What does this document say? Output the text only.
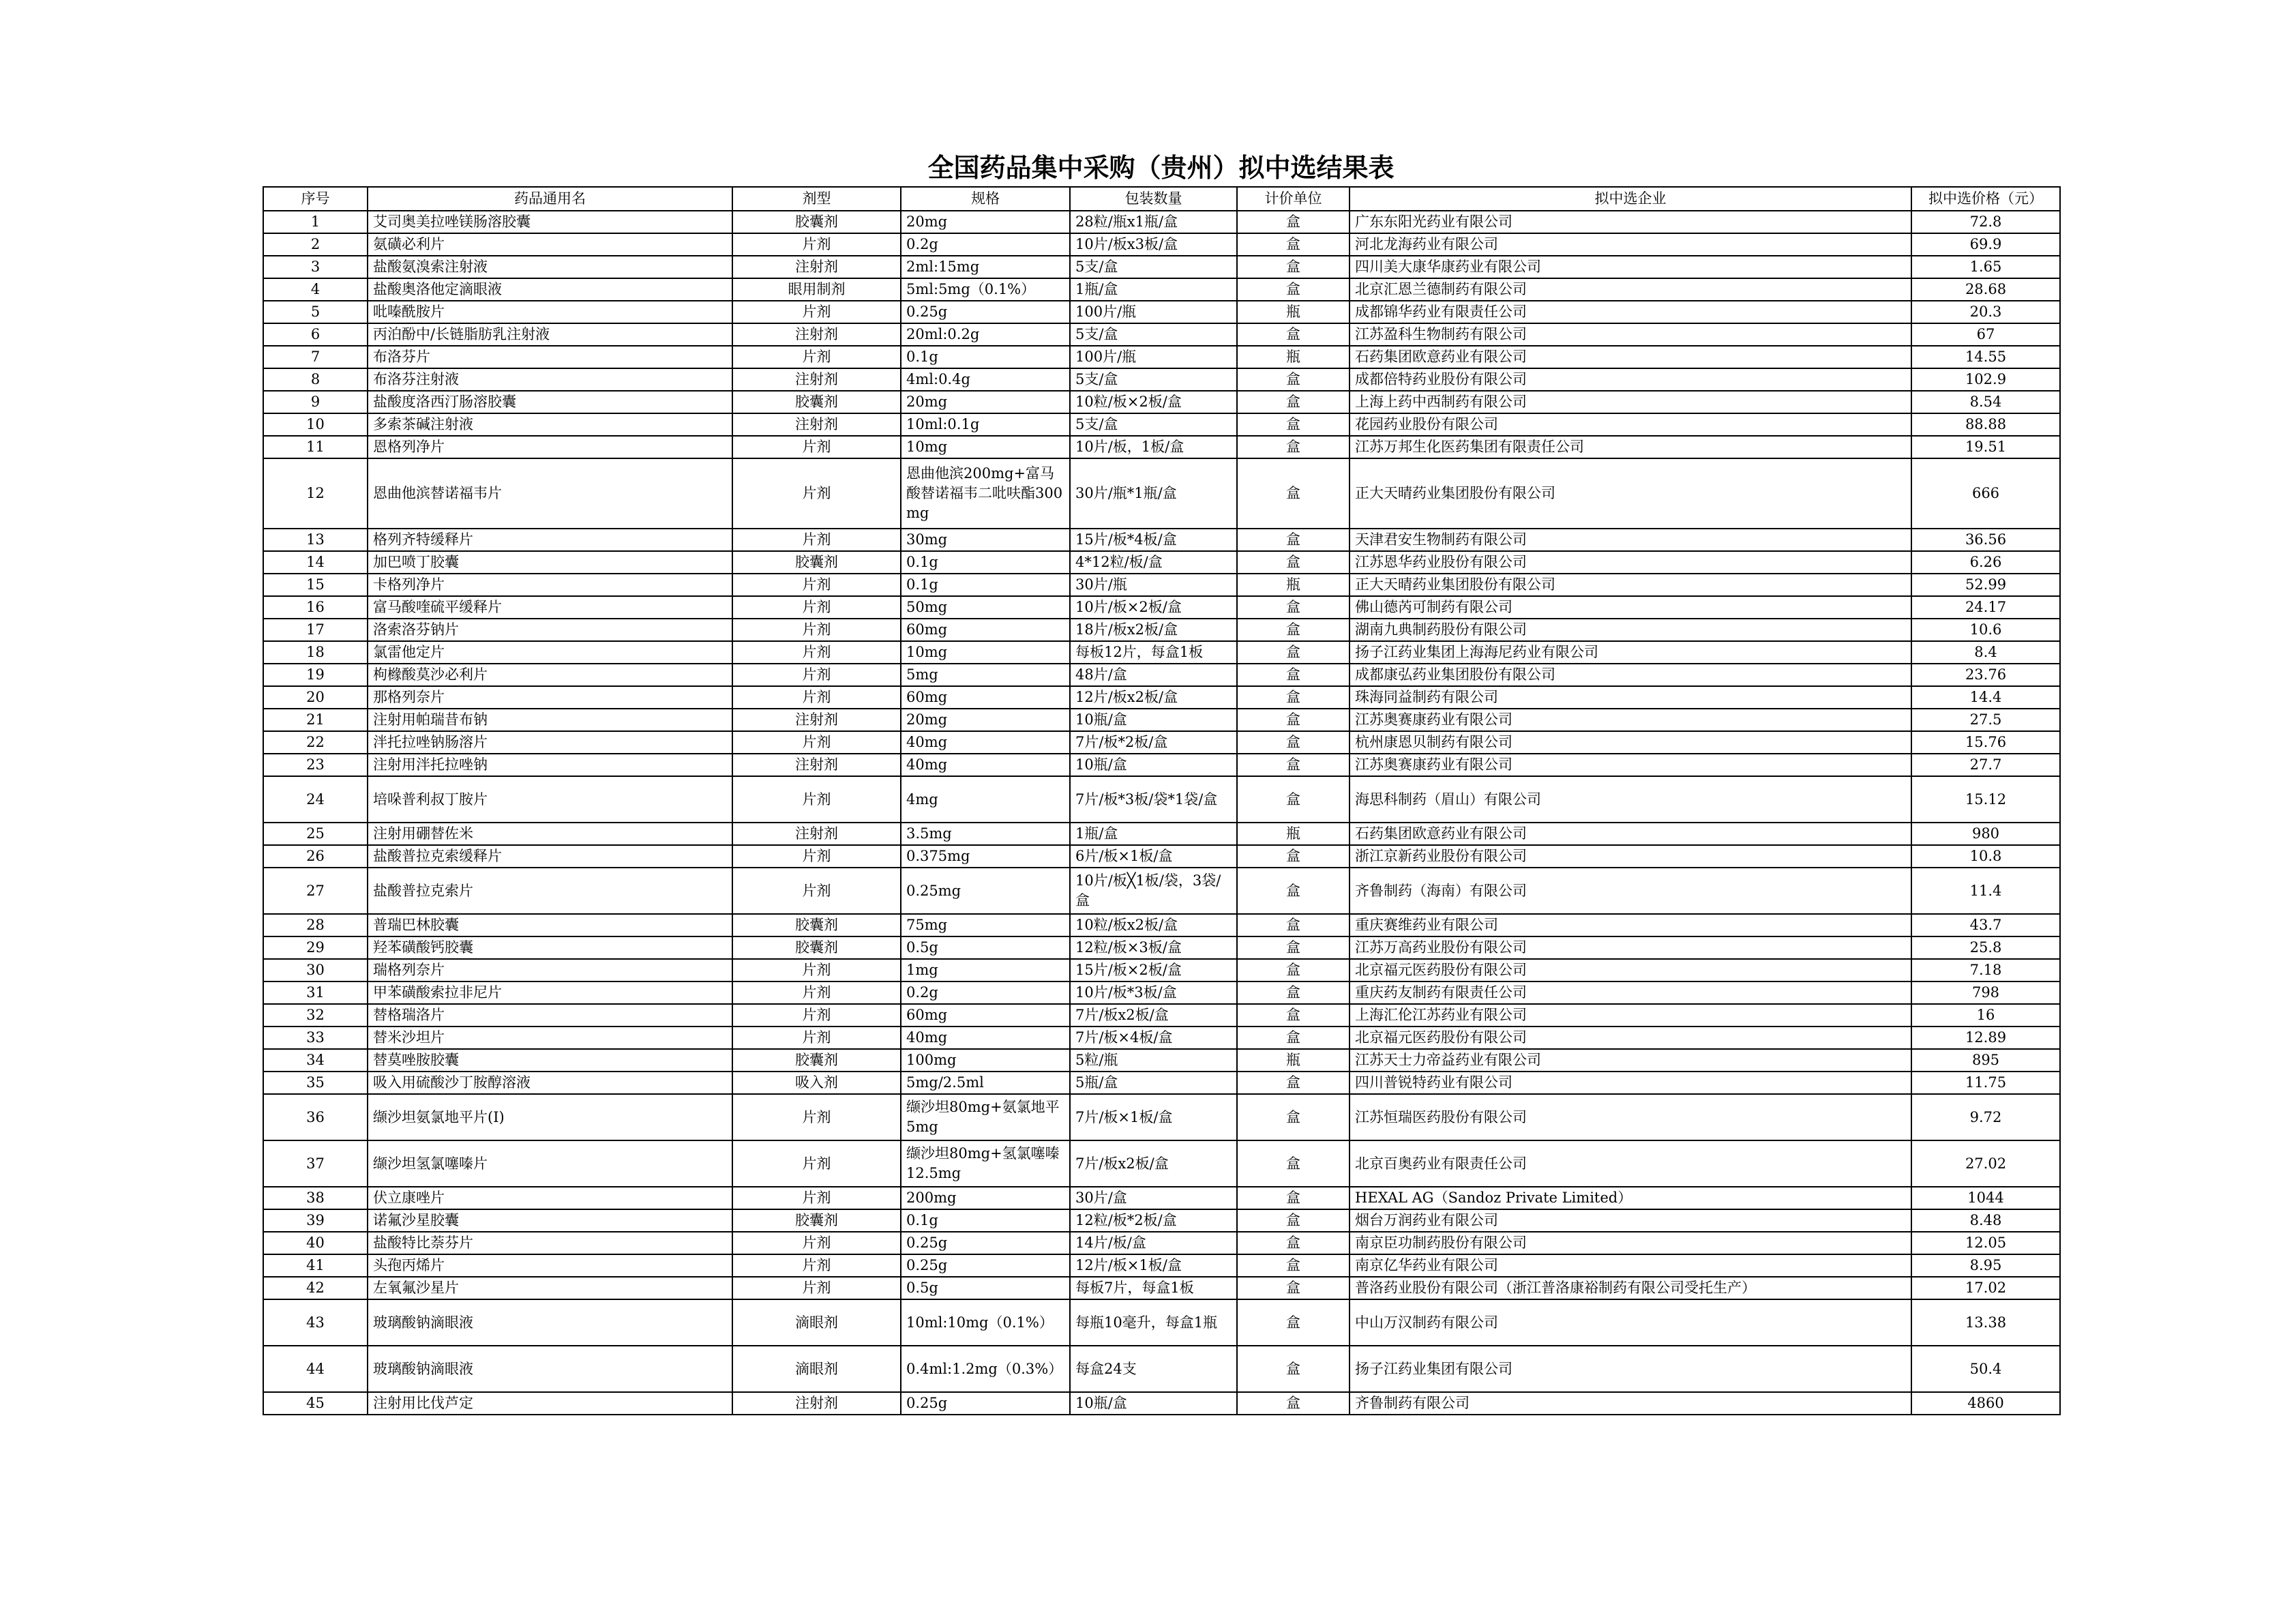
全国药品集中采购（贵州）拟中选结果表
序号	药品通用名	剂型	规格	包装数量	计价单位	拟中选企业	拟中选价格（元）
1	艾司奥美拉唑镁肠溶胶囊	胶囊剂	20mg	28粒/瓶x1瓶/盒	盒	广东东阳光药业有限公司	72.8
2	氨磺必利片	片剂	0.2g	10片/板x3板/盒	盒	河北龙海药业有限公司	69.9
3	盐酸氨溴索注射液	注射剂	2ml:15mg	5支/盒	盒	四川美大康华康药业有限公司	1.65
4	盐酸奥洛他定滴眼液	眼用制剂	5ml:5mg（0.1%）	1瓶/盒	盒	北京汇恩兰德制药有限公司	28.68
5	吡嗪酰胺片	片剂	0.25g	100片/瓶	瓶	成都锦华药业有限责任公司	20.3
6	丙泊酚中/长链脂肪乳注射液	注射剂	20ml:0.2g	5支/盒	盒	江苏盈科生物制药有限公司	67
7	布洛芬片	片剂	0.1g	100片/瓶	瓶	石药集团欧意药业有限公司	14.55
8	布洛芬注射液	注射剂	4ml:0.4g	5支/盒	盒	成都倍特药业股份有限公司	102.9
9	盐酸度洛西汀肠溶胶囊	胶囊剂	20mg	10粒/板×2板/盒	盒	上海上药中西制药有限公司	8.54
10	多索茶碱注射液	注射剂	10ml:0.1g	5支/盒	盒	花园药业股份有限公司	88.88
11	恩格列净片	片剂	10mg	10片/板，1板/盒	盒	江苏万邦生化医药集团有限责任公司	19.51
12	恩曲他滨替诺福韦片	片剂	恩曲他滨200mg+富马酸替诺福韦二吡呋酯300mg	30片/瓶*1瓶/盒	盒	正大天晴药业集团股份有限公司	666
13	格列齐特缓释片	片剂	30mg	15片/板*4板/盒	盒	天津君安生物制药有限公司	36.56
14	加巴喷丁胶囊	胶囊剂	0.1g	4*12粒/板/盒	盒	江苏恩华药业股份有限公司	6.26
15	卡格列净片	片剂	0.1g	30片/瓶	瓶	正大天晴药业集团股份有限公司	52.99
16	富马酸喹硫平缓释片	片剂	50mg	10片/板×2板/盒	盒	佛山德芮可制药有限公司	24.17
17	洛索洛芬钠片	片剂	60mg	18片/板x2板/盒	盒	湖南九典制药股份有限公司	10.6
18	氯雷他定片	片剂	10mg	每板12片，每盒1板	盒	扬子江药业集团上海海尼药业有限公司	8.4
19	枸橼酸莫沙必利片	片剂	5mg	48片/盒	盒	成都康弘药业集团股份有限公司	23.76
20	那格列奈片	片剂	60mg	12片/板x2板/盒	盒	珠海同益制药有限公司	14.4
21	注射用帕瑞昔布钠	注射剂	20mg	10瓶/盒	盒	江苏奥赛康药业有限公司	27.5
22	泮托拉唑钠肠溶片	片剂	40mg	7片/板*2板/盒	盒	杭州康恩贝制药有限公司	15.76
23	注射用泮托拉唑钠	注射剂	40mg	10瓶/盒	盒	江苏奥赛康药业有限公司	27.7
24	培哚普利叔丁胺片	片剂	4mg	7片/板*3板/袋*1袋/盒	盒	海思科制药（眉山）有限公司	15.12
25	注射用硼替佐米	注射剂	3.5mg	1瓶/盒	瓶	石药集团欧意药业有限公司	980
26	盐酸普拉克索缓释片	片剂	0.375mg	6片/板×1板/盒	盒	浙江京新药业股份有限公司	10.8
27	盐酸普拉克索片	片剂	0.25mg	10片/板╳1板/袋，3袋/盒	盒	齐鲁制药（海南）有限公司	11.4
28	普瑞巴林胶囊	胶囊剂	75mg	10粒/板x2板/盒	盒	重庆赛维药业有限公司	43.7
29	羟苯磺酸钙胶囊	胶囊剂	0.5g	12粒/板×3板/盒	盒	江苏万高药业股份有限公司	25.8
30	瑞格列奈片	片剂	1mg	15片/板×2板/盒	盒	北京福元医药股份有限公司	7.18
31	甲苯磺酸索拉非尼片	片剂	0.2g	10片/板*3板/盒	盒	重庆药友制药有限责任公司	798
32	替格瑞洛片	片剂	60mg	7片/板x2板/盒	盒	上海汇伦江苏药业有限公司	16
33	替米沙坦片	片剂	40mg	7片/板×4板/盒	盒	北京福元医药股份有限公司	12.89
34	替莫唑胺胶囊	胶囊剂	100mg	5粒/瓶	瓶	江苏天士力帝益药业有限公司	895
35	吸入用硫酸沙丁胺醇溶液	吸入剂	5mg/2.5ml	5瓶/盒	盒	四川普锐特药业有限公司	11.75
36	缬沙坦氨氯地平片(Ⅰ)	片剂	缬沙坦80mg+氨氯地平5mg	7片/板×1板/盒	盒	江苏恒瑞医药股份有限公司	9.72
37	缬沙坦氢氯噻嗪片	片剂	缬沙坦80mg+氢氯噻嗪12.5mg	7片/板x2板/盒	盒	北京百奥药业有限责任公司	27.02
38	伏立康唑片	片剂	200mg	30片/盒	盒	HEXAL AG（Sandoz Private Limited）	1044
39	诺氟沙星胶囊	胶囊剂	0.1g	12粒/板*2板/盒	盒	烟台万润药业有限公司	8.48
40	盐酸特比萘芬片	片剂	0.25g	14片/板/盒	盒	南京臣功制药股份有限公司	12.05
41	头孢丙烯片	片剂	0.25g	12片/板×1板/盒	盒	南京亿华药业有限公司	8.95
42	左氧氟沙星片	片剂	0.5g	每板7片，每盒1板	盒	普洛药业股份有限公司（浙江普洛康裕制药有限公司受托生产）	17.02
43	玻璃酸钠滴眼液	滴眼剂	10ml:10mg（0.1%）	每瓶10毫升，每盒1瓶	盒	中山万汉制药有限公司	13.38
44	玻璃酸钠滴眼液	滴眼剂	0.4ml:1.2mg（0.3%）	每盒24支	盒	扬子江药业集团有限公司	50.4
45	注射用比伐芦定	注射剂	0.25g	10瓶/盒	盒	齐鲁制药有限公司	4860
